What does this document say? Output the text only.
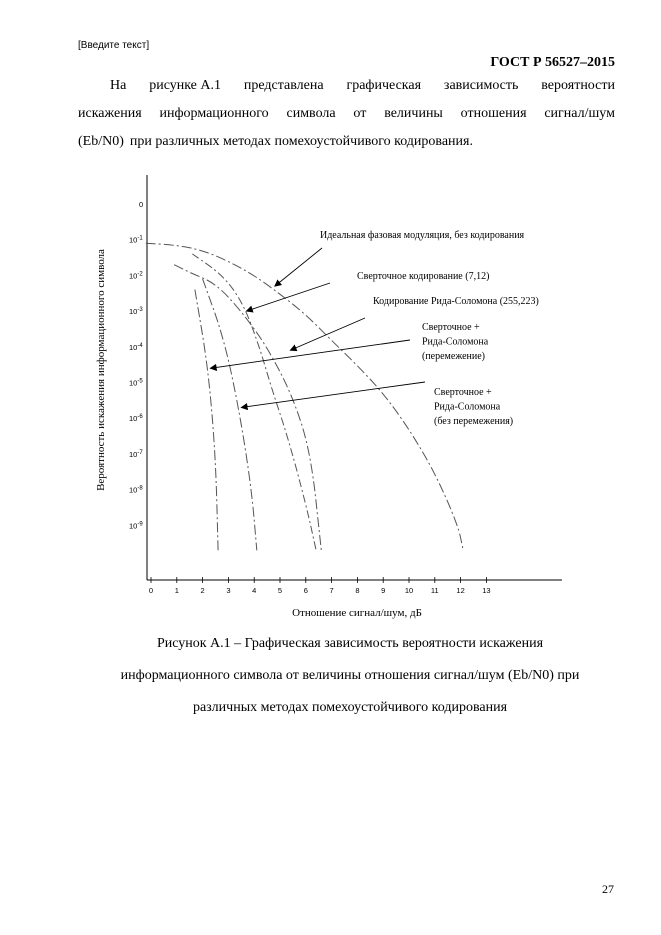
[Введите текст]
ГОСТ Р 56527–2015
На рисунке А.1 представлена графическая зависимость вероятности
искажения информационного символа от величины отношения сигнал/шум
(Eb/N0) при различных методах помехоустойчивого кодирования.
0
$10^{-1}$
$10^{-2}$
$10^{-3}$
$10^{-4}$
$10^{-5}$
$10^{-6}$
$10^{-7}$
$10^{-8}$
$10^{-9}$
0	1	2	3	4	5	6	7	8	9	10 11 12 13
Отношение сигнал/шум, дБ
Вероятность искажения информационного символа
Идеальная фазовая модуляция, без кодирования
Сверточное кодирование (7,12)
Кодирование Рида-Соломона (255,223)
Сверточное +
Рида-Соломона
(перемежение)
Сверточное +
Рида-Соломона
(без перемежения)
Рисунок А.1 – Графическая зависимость вероятности искажения
информационного символа от величины отношения сигнал/шум (Eb/N0) при
различных методах помехоустойчивого кодирования
27
